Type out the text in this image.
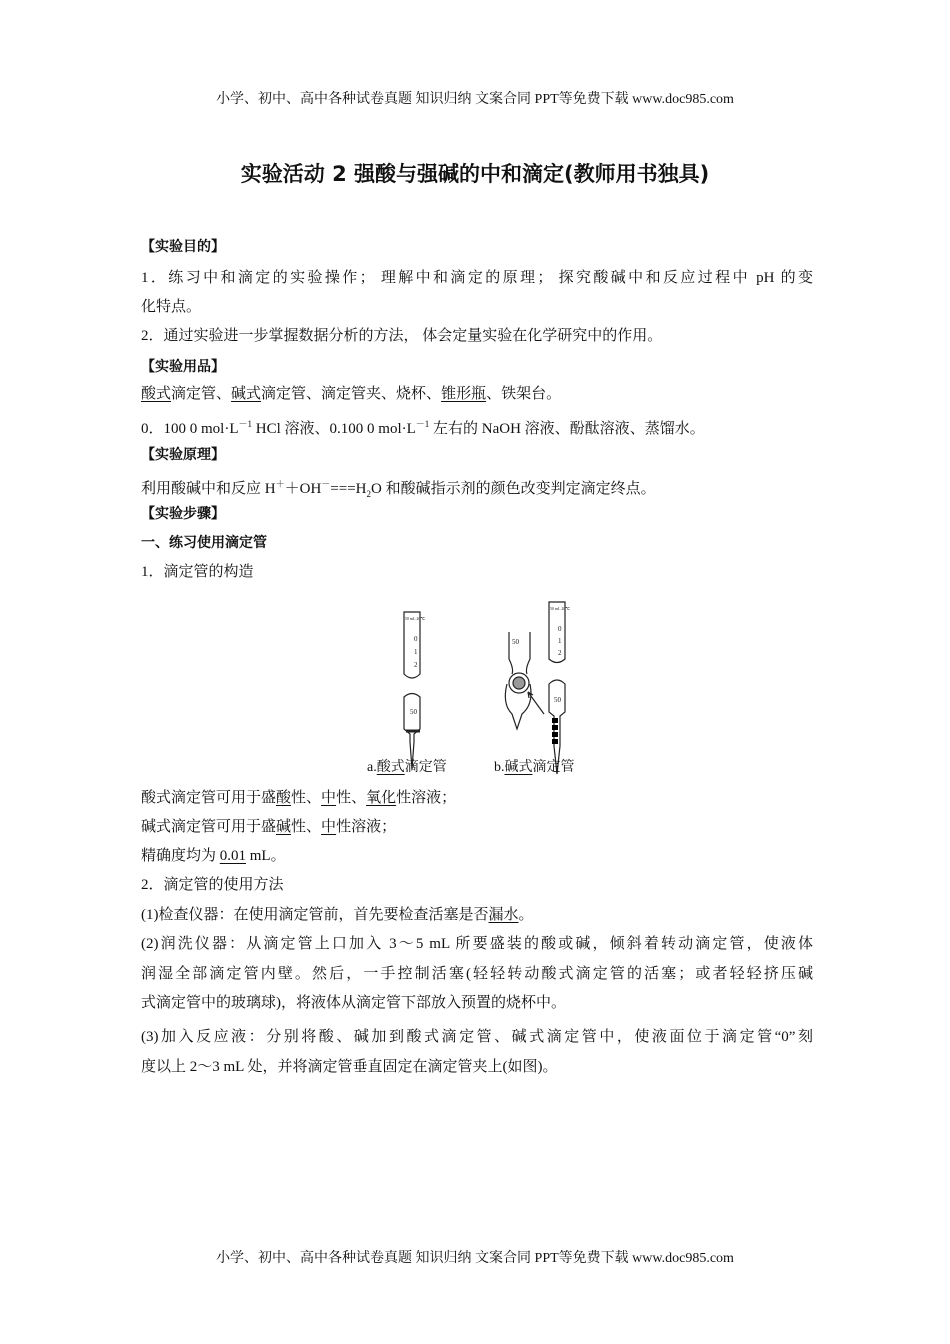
小学、初中、高中各种试卷真题 知识归纳 文案合同 PPT等免费下载 www.doc985.com
实验活动 2 强酸与强碱的中和滴定(教师用书独具)
【实验目的】
1．练习中和滴定的实验操作； 理解中和滴定的原理； 探究酸碱中和反应过程中 pH 的变
化特点。
2．通过实验进一步掌握数据分析的方法， 体会定量实验在化学研究中的作用。
【实验用品】
酸式滴定管、碱式滴定管、滴定管夹、烧杯、锥形瓶、铁架台。
0．100 0 $mol\cdot L^{-1}$ HCl 溶液、0.100 0 $mol\cdot L^{-1}$ 左右的 NaOH 溶液、酚酞溶液、蒸馏水。
【实验原理】
利用酸碱中和反应 $H^++OH^-===H_2O$ 和酸碱指示剂的颜色改变判定滴定终点。
【实验步骤】
一、练习使用滴定管
1．滴定管的构造
酸式滴定管可用于盛酸性、中性、氧化性溶液；
碱式滴定管可用于盛碱性、中性溶液；
精确度均为 0.01 mL。
2．滴定管的使用方法
(1)检查仪器：在使用滴定管前，首先要检查活塞是否漏水。
(2)润洗仪器：从滴定管上口加入 3～5 mL 所要盛装的酸或碱，倾斜着转动滴定管，使液体
润湿全部滴定管内壁。然后，一手控制活塞(轻轻转动酸式滴定管的活塞；或者轻轻挤压碱
式滴定管中的玻璃球)，将液体从滴定管下部放入预置的烧杯中。
(3)加入反应液：分别将酸、碱加到酸式滴定管、碱式滴定管中，使液面位于滴定管“0”刻
度以上 2～3 mL 处，并将滴定管垂直固定在滴定管夹上(如图)。
50 mL 20℃
0
1
2
50
50 mL 20℃
0
1
2
50
50
a.酸式滴定管	b.碱式滴定管
小学、初中、高中各种试卷真题 知识归纳 文案合同 PPT等免费下载 www.doc985.com
